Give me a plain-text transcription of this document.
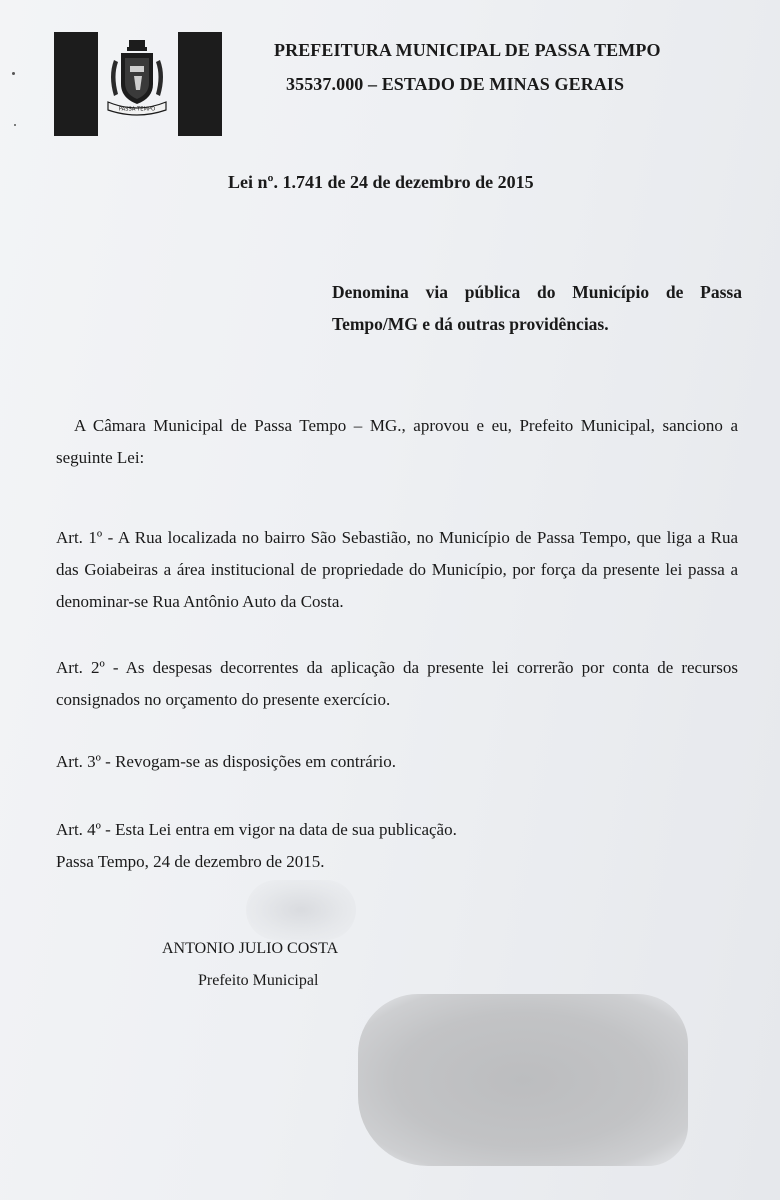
PASSA TEMPO
PREFEITURA MUNICIPAL DE PASSA TEMPO
35537.000 – ESTADO DE MINAS GERAIS
Lei nº. 1.741 de 24 de dezembro de 2015
Denomina via pública do Município de Passa Tempo/MG e dá outras providências.
A Câmara Municipal de Passa Tempo – MG., aprovou e eu, Prefeito Municipal, sanciono a seguinte Lei:
Art. 1º - A Rua localizada no bairro São Sebastião, no Município de Passa Tempo, que liga a Rua das Goiabeiras a área institucional de propriedade do Município, por força da presente lei passa a denominar-se Rua Antônio Auto da Costa.
Art. 2º - As despesas decorrentes da aplicação da presente lei correrão por conta de recursos consignados no orçamento do presente exercício.
Art. 3º - Revogam-se as disposições em contrário.
Art. 4º - Esta Lei entra em vigor na data de sua publicação.
Passa Tempo, 24 de dezembro de 2015.
ANTONIO JULIO COSTA
Prefeito Municipal
